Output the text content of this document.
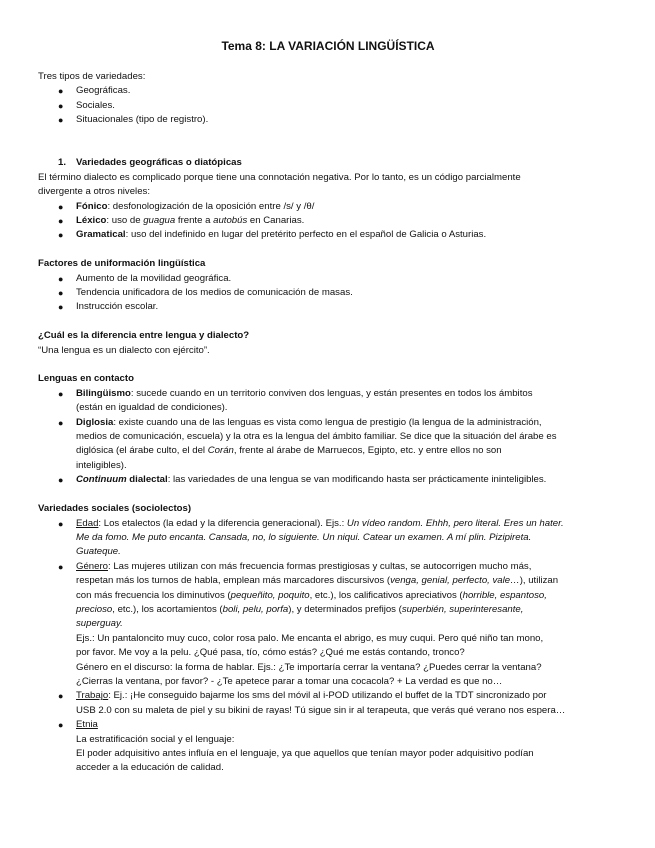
Tema 8: LA VARIACIÓN LINGÜÍSTICA

Tres tipos de variedades:

● Geográficas.
● Sociales.
● Situacionales (tipo de registro).
1.	Variedades geográficas o diatópicas

El término dialecto es complicado porque tiene una connotación negativa. Por lo tanto, es un código parcialmente

divergente a otros niveles:

● Fónico: desfonologización de la oposición entre /s/ y /θ/
● Léxico: uso de guagua frente a autobús en Canarias.
● Gramatical: uso del indefinido en lugar del pretérito perfecto en el español de Galicia o Asturias.

Factores de uniformación lingüística

● Aumento de la movilidad geográfica.
● Tendencia unificadora de los medios de comunicación de masas.
● Instrucción escolar.

¿Cuál es la diferencia entre lengua y dialecto?

“Una lengua es un dialecto con ejército”.

Lenguas en contacto

● Bilingüismo: sucede cuando en un territorio conviven dos lenguas, y están presentes en todos los ámbitos
(están en igualdad de condiciones).
● Diglosia: existe cuando una de las lenguas es vista como lengua de prestigio (la lengua de la administración,
medios de comunicación, escuela) y la otra es la lengua del ámbito familiar. Se dice que la situación del árabe es
diglósica (el árabe culto, el del Corán, frente al árabe de Marruecos, Egipto, etc. y entre ellos no son
inteligibles).
● Continuum dialectal: las variedades de una lengua se van modificando hasta ser prácticamente ininteligibles.

Variedades sociales (sociolectos)

● Edad: Los etalectos (la edad y la diferencia generacional). Ejs.: Un vídeo random. Ehhh, pero literal. Eres un hater.
Me da fomo. Me puto encanta. Cansada, no, lo siguiente. Un niqui. Catear un examen. A mí plin. Pizipireta.
Guateque.
● Género: Las mujeres utilizan con más frecuencia formas prestigiosas y cultas, se autocorrigen mucho más,
respetan más los turnos de habla, emplean más marcadores discursivos (venga, genial, perfecto, vale…), utilizan
con más frecuencia los diminutivos (pequeñito, poquito, etc.), los calificativos apreciativos (horrible, espantoso,
precioso, etc.), los acortamientos (boli, pelu, porfa), y determinados prefijos (superbién, superinteresante,
superguay.
Ejs.: Un pantaloncito muy cuco, color rosa palo. Me encanta el abrigo, es muy cuqui. Pero qué niño tan mono,
por favor. Me voy a la pelu. ¿Qué pasa, tío, cómo estás? ¿Qué me estás contando, tronco?
Género en el discurso: la forma de hablar. Ejs.: ¿Te importaría cerrar la ventana? ¿Puedes cerrar la ventana?
¿Cierras la ventana, por favor? - ¿Te apetece parar a tomar una cocacola? + La verdad es que no…
● Trabajo: Ej.: ¡He conseguido bajarme los sms del móvil al i-POD utilizando el buffet de la TDT sincronizado por
USB 2.0 con su maleta de piel y su bikini de rayas! Tú sigue sin ir al terapeuta, que verás qué verano nos espera…
● Etnia
La estratificación social y el lenguaje:
El poder adquisitivo antes influía en el lenguaje, ya que aquellos que tenían mayor poder adquisitivo podían
acceder a la educación de calidad.
